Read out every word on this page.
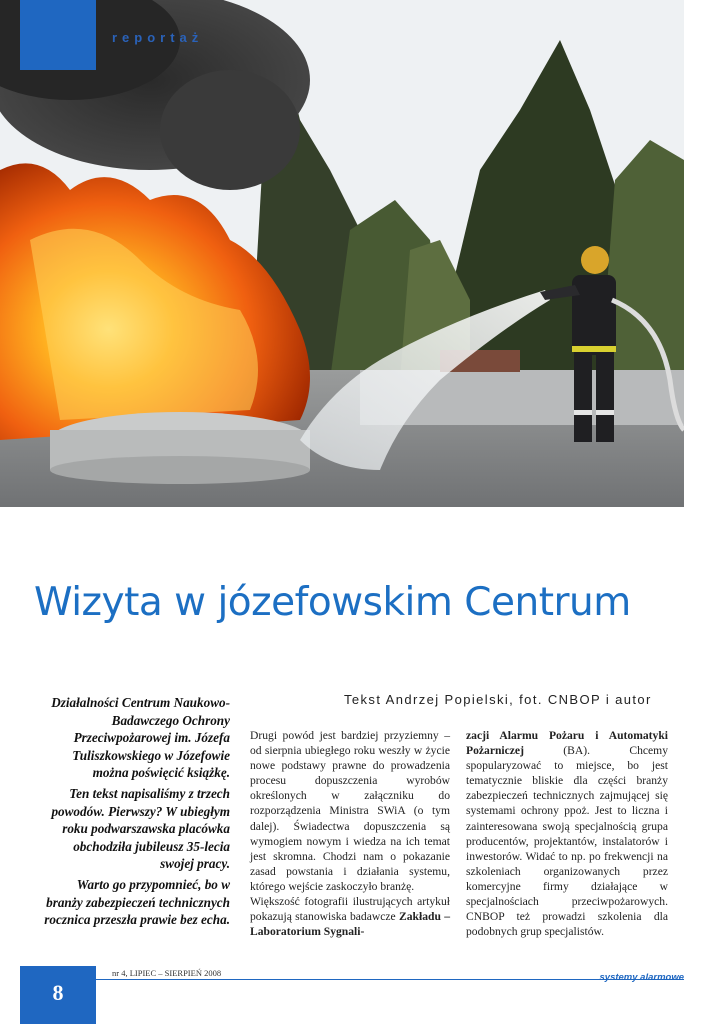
reportaż
Wizyta w józefowskim Centrum
Tekst Andrzej Popielski, fot. CNBOP i autor

Działalności Centrum Naukowo-Badawczego Ochrony Przeciwpożarowej im. Józefa Tuliszkowskiego w Józefowie można poświęcić książkę.

Ten tekst napisaliśmy z trzech powodów. Pierwszy? W ubiegłym roku podwarszawska placówka obchodziła jubileusz 35-lecia swojej pracy.

Warto go przypomnieć, bo w branży zabezpieczeń technicznych rocznica przeszła prawie bez echa.

Drugi powód jest bardziej przyziemny – od sierpnia ubiegłego roku weszły w życie nowe podstawy prawne do prowadzenia procesu dopuszczenia wyrobów określonych w załączniku do rozporządzenia Ministra SWiA (o tym dalej). Świadectwa dopuszczenia są wymogiem nowym i wiedza na ich temat jest skromna. Chodzi nam o pokazanie zasad powstania i działania systemu, którego wejście zaskoczyło branżę.

Większość fotografii ilustrujących artykuł pokazują stanowiska badawcze Zakładu – Laboratorium Sygnali-

zacji Alarmu Pożaru i Automatyki Pożarniczej (BA). Chcemy spopularyzować to miejsce, bo jest tematycznie bliskie dla części branży zabezpieczeń technicznych zajmującej się systemami ochrony ppoż. Jest to liczna i zainteresowana swoją specjalnością grupa producentów, projektantów, instalatorów i inwestorów. Widać to np. po frekwencji na szkoleniach organizowanych przez komercyjne firmy działające w specjalnościach przeciwpożarowych. CNBOP też prowadzi szkolenia dla podobnych grup specjalistów.

8
nr 4, LIPIEC – SIERPIEŃ 2008	systemy alarmowe
